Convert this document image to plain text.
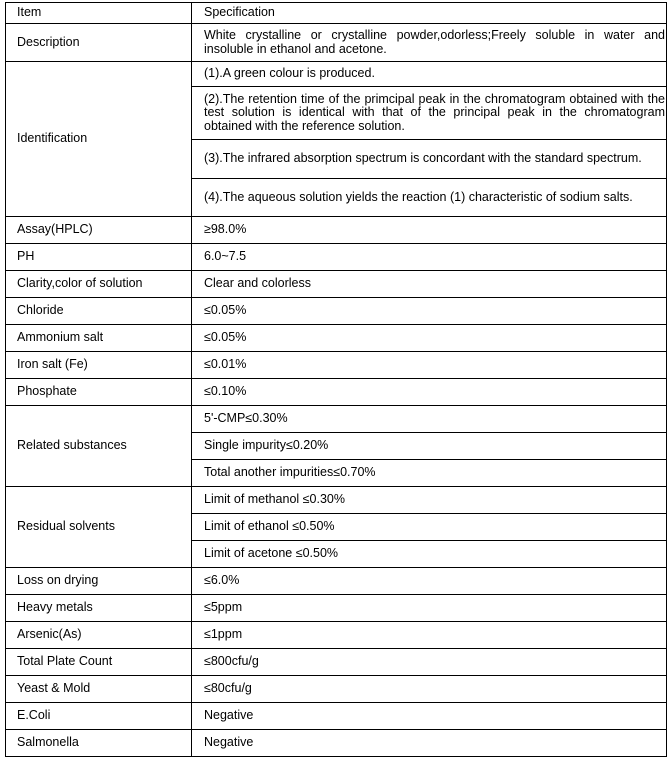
Item	Specification
Description	White crystalline or crystalline powder,odorless;Freely soluble in water and insoluble in ethanol and acetone.
Identification	(1).A green colour is produced.
	(2).The retention time of the primcipal peak in the chromatogram obtained with the test solution is identical with that of the principal peak in the chromatogram obtained with the reference solution.
	(3).The infrared absorption spectrum is concordant with the standard spectrum.
	(4).The aqueous solution yields the reaction (1) characteristic of sodium salts.
Assay(HPLC)	≥98.0%
PH	6.0~7.5
Clarity,color of solution	Clear and colorless
Chloride	≤0.05%
Ammonium salt	≤0.05%
Iron salt (Fe)	≤0.01%
Phosphate	≤0.10%
Related substances	5'-CMP≤0.30%
	Single impurity≤0.20%
	Total another impurities≤0.70%
Residual solvents	Limit of methanol ≤0.30%
	Limit of ethanol ≤0.50%
	Limit of acetone ≤0.50%
Loss on drying	≤6.0%
Heavy metals	≤5ppm
Arsenic(As)	≤1ppm
Total Plate Count	≤800cfu/g
Yeast & Mold	≤80cfu/g
E.Coli	Negative
Salmonella	Negative
